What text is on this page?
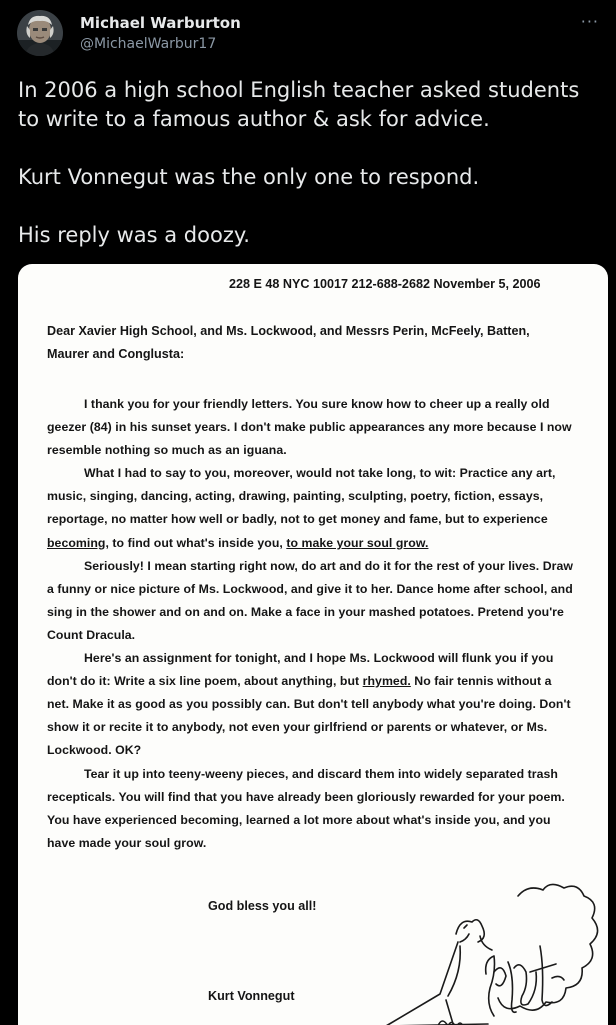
Michael Warburton
@MichaelWarbur17
···

In 2006 a high school English teacher asked students to write to a famous author & ask for advice.

Kurt Vonnegut was the only one to respond.

His reply was a doozy.

228 E 48 NYC 10017 212-688-2682 November 5, 2006
Dear Xavier High School, and Ms. Lockwood, and Messrs Perin, McFeely, Batten, Maurer and Conglusta:

I thank you for your friendly letters. You sure know how to cheer up a really old geezer (84) in his sunset years. I don't make public appearances any more because I now resemble nothing so much as an iguana.

What I had to say to you, moreover, would not take long, to wit: Practice any art, music, singing, dancing, acting, drawing, painting, sculpting, poetry, fiction, essays, reportage, no matter how well or badly, not to get money and fame, but to experience becoming, to find out what's inside you, to make your soul grow.

Seriously! I mean starting right now, do art and do it for the rest of your lives. Draw a funny or nice picture of Ms. Lockwood, and give it to her. Dance home after school, and sing in the shower and on and on. Make a face in your mashed potatoes. Pretend you're Count Dracula.

Here's an assignment for tonight, and I hope Ms. Lockwood will flunk you if you don't do it: Write a six line poem, about anything, but rhymed. No fair tennis without a net. Make it as good as you possibly can. But don't tell anybody what you're doing. Don't show it or recite it to anybody, not even your girlfriend or parents or whatever, or Ms. Lockwood. OK?

Tear it up into teeny-weeny pieces, and discard them into widely separated trash recepticals. You will find that you have already been gloriously rewarded for your poem. You have experienced becoming, learned a lot more about what's inside you, and you have made your soul grow.

God bless you all!
Kurt Vonnegut
